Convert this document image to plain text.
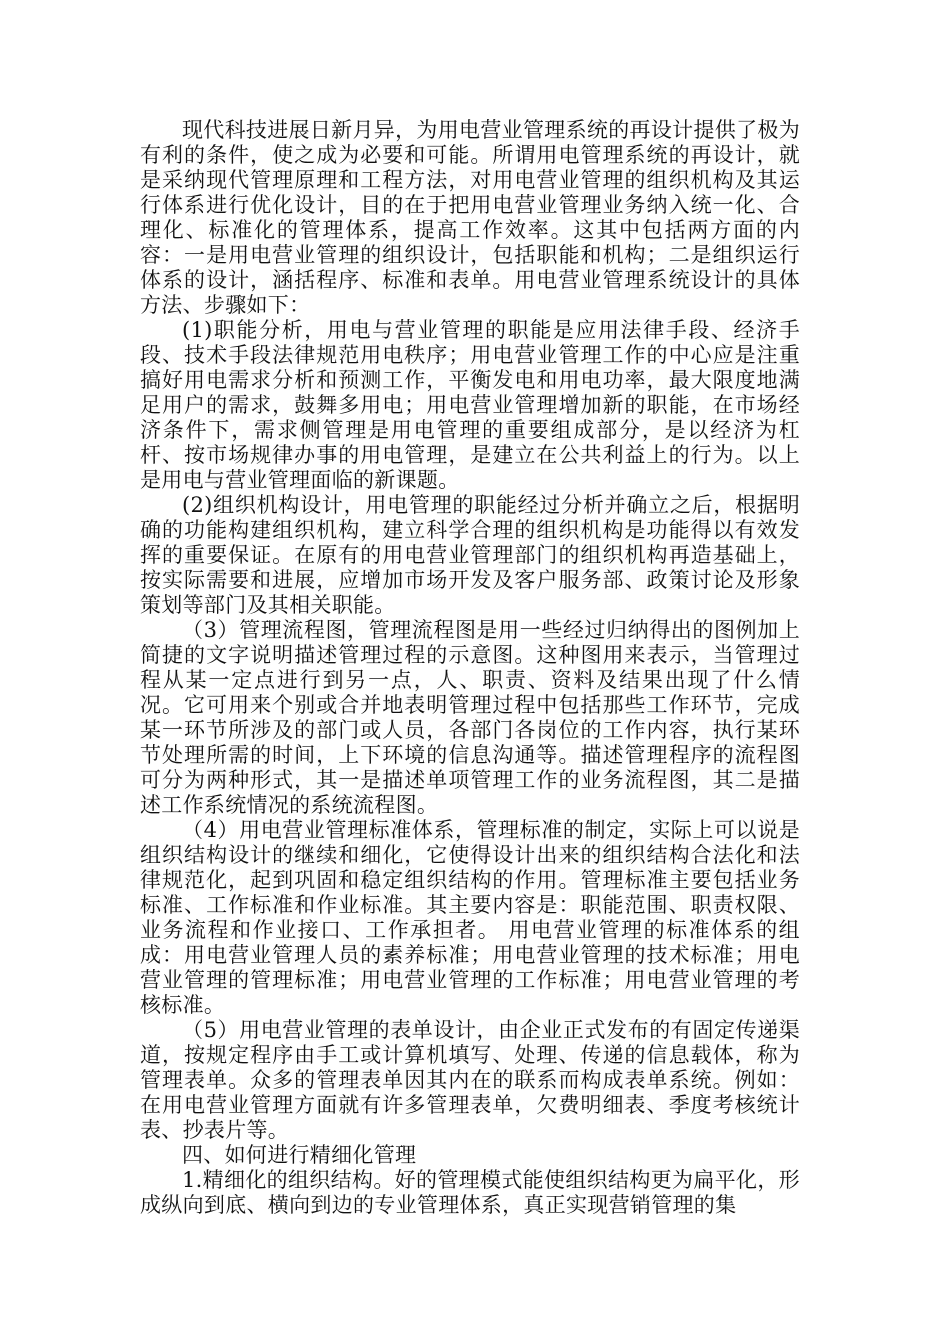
现代科技进展日新月异，为用电营业管理系统的再设计提供了极为有利的条件，使之成为必要和可能。所谓用电管理系统的再设计，就是采纳现代管理原理和工程方法，对用电营业管理的组织机构及其运行体系进行优化设计，目的在于把用电营业管理业务纳入统一化、合理化、标准化的管理体系，提高工作效率。这其中包括两方面的内容：一是用电营业管理的组织设计，包括职能和机构；二是组织运行体系的设计，涵括程序、标准和表单。用电营业管理系统设计的具体方法、步骤如下：

(1)职能分析，用电与营业管理的职能是应用法律手段、经济手段、技术手段法律规范用电秩序；用电营业管理工作的中心应是注重搞好用电需求分析和预测工作，平衡发电和用电功率，最大限度地满足用户的需求，鼓舞多用电；用电营业管理增加新的职能，在市场经济条件下，需求侧管理是用电管理的重要组成部分，是以经济为杠杆、按市场规律办事的用电管理，是建立在公共利益上的行为。以上是用电与营业管理面临的新课题。

(2)组织机构设计，用电管理的职能经过分析并确立之后，根据明确的功能构建组织机构，建立科学合理的组织机构是功能得以有效发挥的重要保证。在原有的用电营业管理部门的组织机构再造基础上，按实际需要和进展，应增加市场开发及客户服务部、政策讨论及形象策划等部门及其相关职能。

（3）管理流程图，管理流程图是用一些经过归纳得出的图例加上简捷的文字说明描述管理过程的示意图。这种图用来表示，当管理过程从某一定点进行到另一点，人、职责、资料及结果出现了什么情况。它可用来个别或合并地表明管理过程中包括那些工作环节，完成某一环节所涉及的部门或人员，各部门各岗位的工作内容，执行某环节处理所需的时间，上下环境的信息沟通等。描述管理程序的流程图可分为两种形式，其一是描述单项管理工作的业务流程图，其二是描述工作系统情况的系统流程图。

（4）用电营业管理标准体系，管理标准的制定，实际上可以说是组织结构设计的继续和细化，它使得设计出来的组织结构合法化和法律规范化，起到巩固和稳定组织结构的作用。管理标准主要包括业务标准、工作标准和作业标准。其主要内容是：职能范围、职责权限、业务流程和作业接口、工作承担者。 用电营业管理的标准体系的组成：用电营业管理人员的素养标准；用电营业管理的技术标准；用电营业管理的管理标准；用电营业管理的工作标准；用电营业管理的考核标准。

（5）用电营业管理的表单设计，由企业正式发布的有固定传递渠道，按规定程序由手工或计算机填写、处理、传递的信息载体，称为管理表单。众多的管理表单因其内在的联系而构成表单系统。例如：在用电营业管理方面就有许多管理表单，欠费明细表、季度考核统计表、抄表片等。

四、如何进行精细化管理

1.精细化的组织结构。好的管理模式能使组织结构更为扁平化，形成纵向到底、横向到边的专业管理体系，真正实现营销管理的集
